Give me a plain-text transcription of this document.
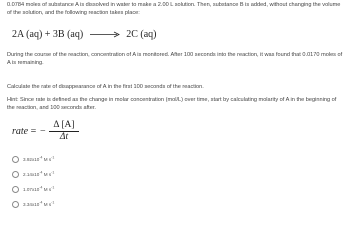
0.0784 moles of substance A is dissolved in water to make a 2.00 L solution. Then, substance B is added, without changing the volume of the solution, and the following reaction takes place:

2A (aq) + 3B (aq) → 2C (aq)

During the course of the reaction, concentration of A is monitored. After 100 seconds into the reaction, it was found that 0.0170 moles of A is remaining.

Calculate the rate of disappearance of A in the first 100 seconds of the reaction.

Hint: Since rate is defined as the change in molar concentration (mol/L) over time, start by calculating molarity of A in the beginning of the reaction, and 100 seconds after.

rate = −
Δ [A]
Δt
$3.92x10^{-4}$ M $s^{-1}$
$2.14x10^{-4}$ M $s^{-1}$
$1.07x10^{-4}$ M $s^{-1}$
$3.34x10^{-4}$ M $s^{-1}$
